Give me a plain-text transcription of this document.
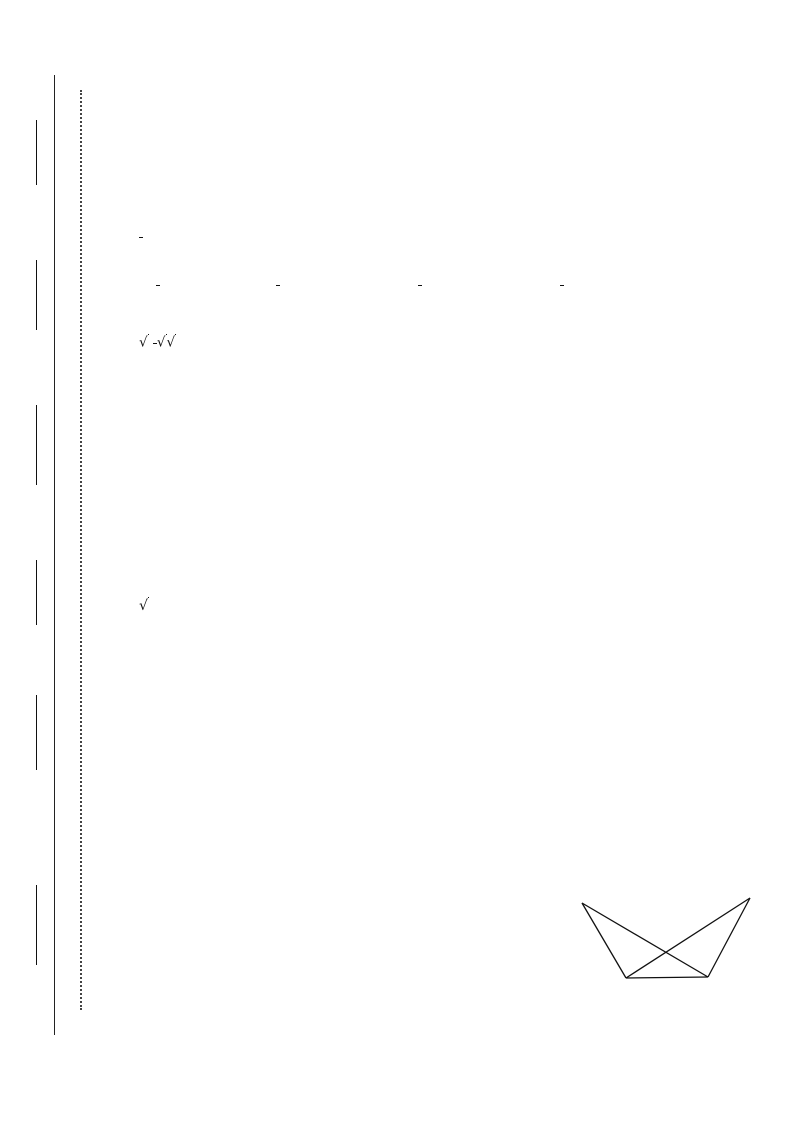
√ √√
√
